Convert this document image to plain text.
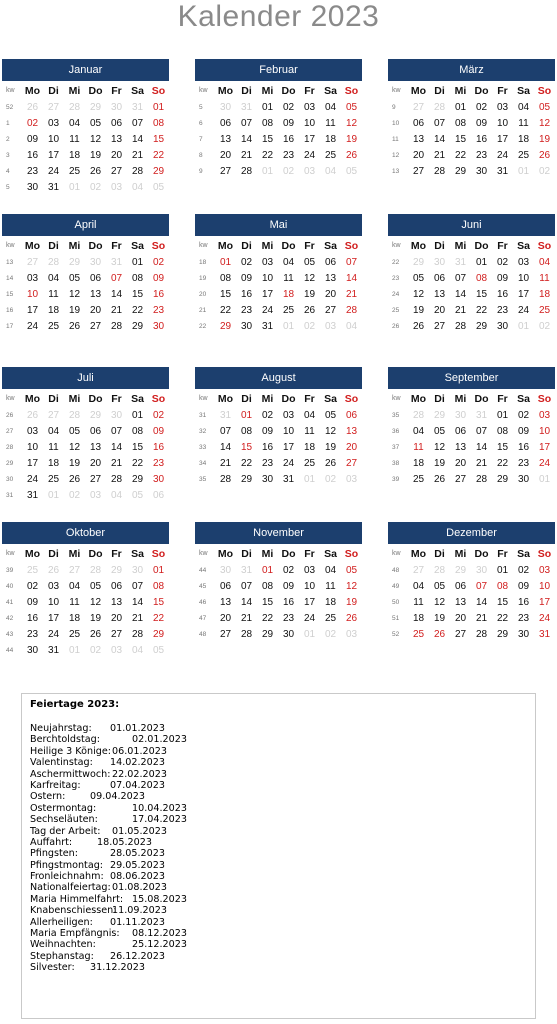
Kalender 2023
Januar
kw	Mo	Di	Mi	Do	Fr	Sa	So
52	26	27	28	29	30	31	01
1	02	03	04	05	06	07	08
2	09	10	11	12	13	14	15
3	16	17	18	19	20	21	22
4	23	24	25	26	27	28	29
5	30	31	01	02	03	04	05
Februar
kw	Mo	Di	Mi	Do	Fr	Sa	So
5	30	31	01	02	03	04	05
6	06	07	08	09	10	11	12
7	13	14	15	16	17	18	19
8	20	21	22	23	24	25	26
9	27	28	01	02	03	04	05
März
kw	Mo	Di	Mi	Do	Fr	Sa	So
9	27	28	01	02	03	04	05
10	06	07	08	09	10	11	12
11	13	14	15	16	17	18	19
12	20	21	22	23	24	25	26
13	27	28	29	30	31	01	02
April
kw	Mo	Di	Mi	Do	Fr	Sa	So
13	27	28	29	30	31	01	02
14	03	04	05	06	07	08	09
15	10	11	12	13	14	15	16
16	17	18	19	20	21	22	23
17	24	25	26	27	28	29	30
Mai
kw	Mo	Di	Mi	Do	Fr	Sa	So
18	01	02	03	04	05	06	07
19	08	09	10	11	12	13	14
20	15	16	17	18	19	20	21
21	22	23	24	25	26	27	28
22	29	30	31	01	02	03	04
Juni
kw	Mo	Di	Mi	Do	Fr	Sa	So
22	29	30	31	01	02	03	04
23	05	06	07	08	09	10	11
24	12	13	14	15	16	17	18
25	19	20	21	22	23	24	25
26	26	27	28	29	30	01	02
Juli
kw	Mo	Di	Mi	Do	Fr	Sa	So
26	26	27	28	29	30	01	02
27	03	04	05	06	07	08	09
28	10	11	12	13	14	15	16
29	17	18	19	20	21	22	23
30	24	25	26	27	28	29	30
31	31	01	02	03	04	05	06
August
kw	Mo	Di	Mi	Do	Fr	Sa	So
31	31	01	02	03	04	05	06
32	07	08	09	10	11	12	13
33	14	15	16	17	18	19	20
34	21	22	23	24	25	26	27
35	28	29	30	31	01	02	03
September
kw	Mo	Di	Mi	Do	Fr	Sa	So
35	28	29	30	31	01	02	03
36	04	05	06	07	08	09	10
37	11	12	13	14	15	16	17
38	18	19	20	21	22	23	24
39	25	26	27	28	29	30	01
Oktober
kw	Mo	Di	Mi	Do	Fr	Sa	So
39	25	26	27	28	29	30	01
40	02	03	04	05	06	07	08
41	09	10	11	12	13	14	15
42	16	17	18	19	20	21	22
43	23	24	25	26	27	28	29
44	30	31	01	02	03	04	05
November
kw	Mo	Di	Mi	Do	Fr	Sa	So
44	30	31	01	02	03	04	05
45	06	07	08	09	10	11	12
46	13	14	15	16	17	18	19
47	20	21	22	23	24	25	26
48	27	28	29	30	01	02	03
Dezember
kw	Mo	Di	Mi	Do	Fr	Sa	So
48	27	28	29	30	01	02	03
49	04	05	06	07	08	09	10
50	11	12	13	14	15	16	17
51	18	19	20	21	22	23	24
52	25	26	27	28	29	30	31
Feiertage 2023:
Neujahrstag: 01.01.2023
Berchtoldstag:	02.01.2023
Heilige 3 Könige: 06.01.2023
Valentinstag: 14.02.2023
Aschermittwoch: 22.02.2023
Karfreitag:	07.04.2023
Ostern:	09.04.2023
Ostermontag:	10.04.2023
Sechseläuten:	17.04.2023
Tag der Arbeit: 01.05.2023
Auffahrt:	18.05.2023
Pfingsten:	28.05.2023
Pfingstmontag: 29.05.2023
Fronleichnahm: 08.06.2023
Nationalfeiertag: 01.08.2023
Maria Himmelfahrt: 15.08.2023
Knabenschiessen:
11.09.2023
Allerheiligen: 01.11.2023
Maria Empfängnis: 08.12.2023
Weihnachten:	25.12.2023
Stephanstag: 26.12.2023
Silvester: 31.12.2023
